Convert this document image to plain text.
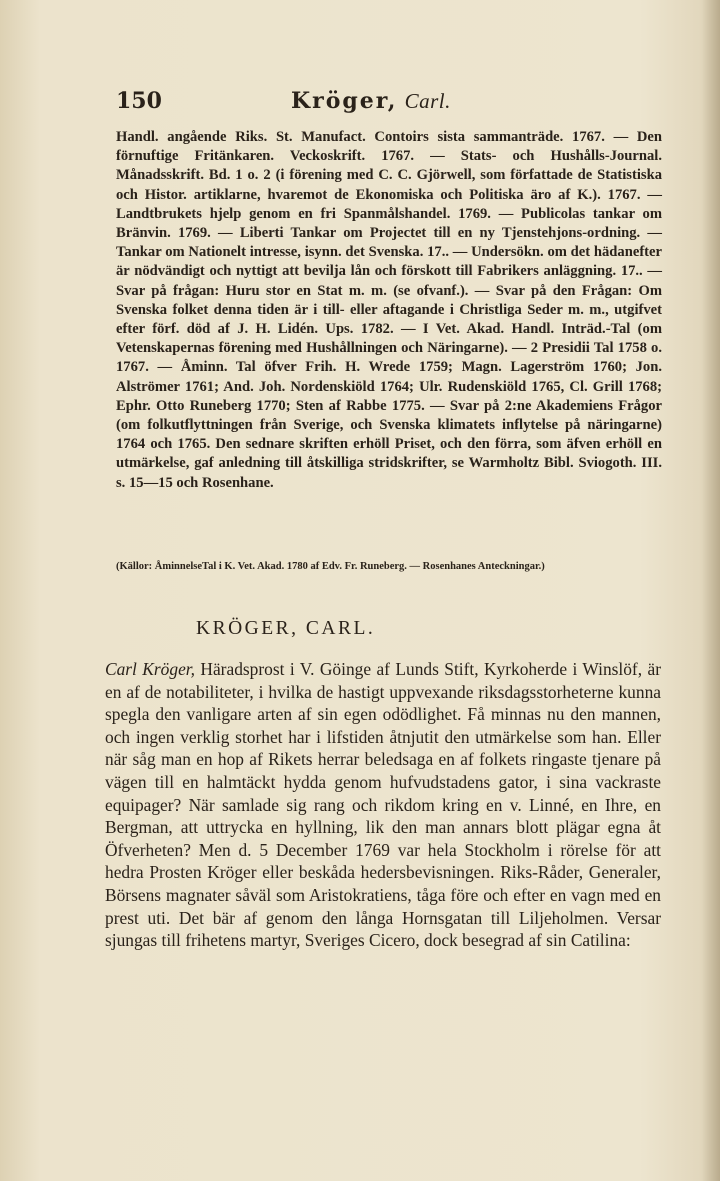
150	Kröger, Carl.

Handl. angående Riks. St. Manufact. Contoirs sista sammanträde. 1767. — Den förnuftige Fritänkaren. Veckoskrift. 1767. — Stats- och Hushålls-Journal. Månadsskrift. Bd. 1 o. 2 (i förening med C. C. Gjörwell, som författade de Statistiska och Histor. artiklarne, hvaremot de Ekonomiska och Politiska äro af K.). 1767. — Landtbrukets hjelp genom en fri Spanmålshandel. 1769. — Publicolas tankar om Bränvin. 1769. — Liberti Tankar om Projectet till en ny Tjenstehjons-ordning. — Tankar om Nationelt intresse, isynn. det Svenska. 17.. — Undersökn. om det hädanefter är nödvändigt och nyttigt att bevilja lån och förskott till Fabrikers anläggning. 17.. — Svar på frågan: Huru stor en Stat m. m. (se ofvanf.). — Svar på den Frågan: Om Svenska folket denna tiden är i till- eller aftagande i Christliga Seder m. m., utgifvet efter förf. död af J. H. Lidén. Ups. 1782. — I Vet. Akad. Handl. Inträd.-Tal (om Vetenskapernas förening med Hushållningen och Näringarne). — 2 Presidii Tal 1758 o. 1767. — Åminn. Tal öfver Frih. H. Wrede 1759; Magn. Lagerström 1760; Jon. Alströmer 1761; And. Joh. Nordenskiöld 1764; Ulr. Rudenskiöld 1765, Cl. Grill 1768; Ephr. Otto Runeberg 1770; Sten af Rabbe 1775. — Svar på 2:ne Akademiens Frågor (om folkutflyttningen från Sverige, och Svenska klimatets inflytelse på näringarne) 1764 och 1765. Den sednare skriften erhöll Priset, och den förra, som äfven erhöll en utmärkelse, gaf anledning till åtskilliga stridskrifter, se Warmholtz Bibl. Sviogoth. III. s. 15—15 och Rosenhane.

(Källor: ÅminnelseTal i K. Vet. Akad. 1780 af Edv. Fr. Runeberg. — Rosenhanes Anteckningar.)

KRÖGER, CARL.

Carl Kröger, Häradsprost i V. Göinge af Lunds Stift, Kyrkoherde i Winslöf, är en af de notabiliteter, i hvilka de hastigt uppvexande riksdagsstorheterne kunna spegla den vanligare arten af sin egen odödlighet. Få minnas nu den mannen, och ingen verklig storhet har i lifstiden åtnjutit den utmärkelse som han. Eller när såg man en hop af Rikets herrar beledsaga en af folkets ringaste tjenare på vägen till en halmtäckt hydda genom hufvudstadens gator, i sina vackraste equipager? När samlade sig rang och rikdom kring en v. Linné, en Ihre, en Bergman, att uttrycka en hyllning, lik den man annars blott plägar egna åt Öfverheten? Men d. 5 December 1769 var hela Stockholm i rörelse för att hedra Prosten Kröger eller beskåda hedersbevisningen. Riks-Råder, Generaler, Börsens magnater såväl som Aristokratiens, tåga före och efter en vagn med en prest uti. Det bär af genom den långa Hornsgatan till Liljeholmen. Versar sjungas till frihetens martyr, Sveriges Cicero, dock besegrad af sin Catilina:
